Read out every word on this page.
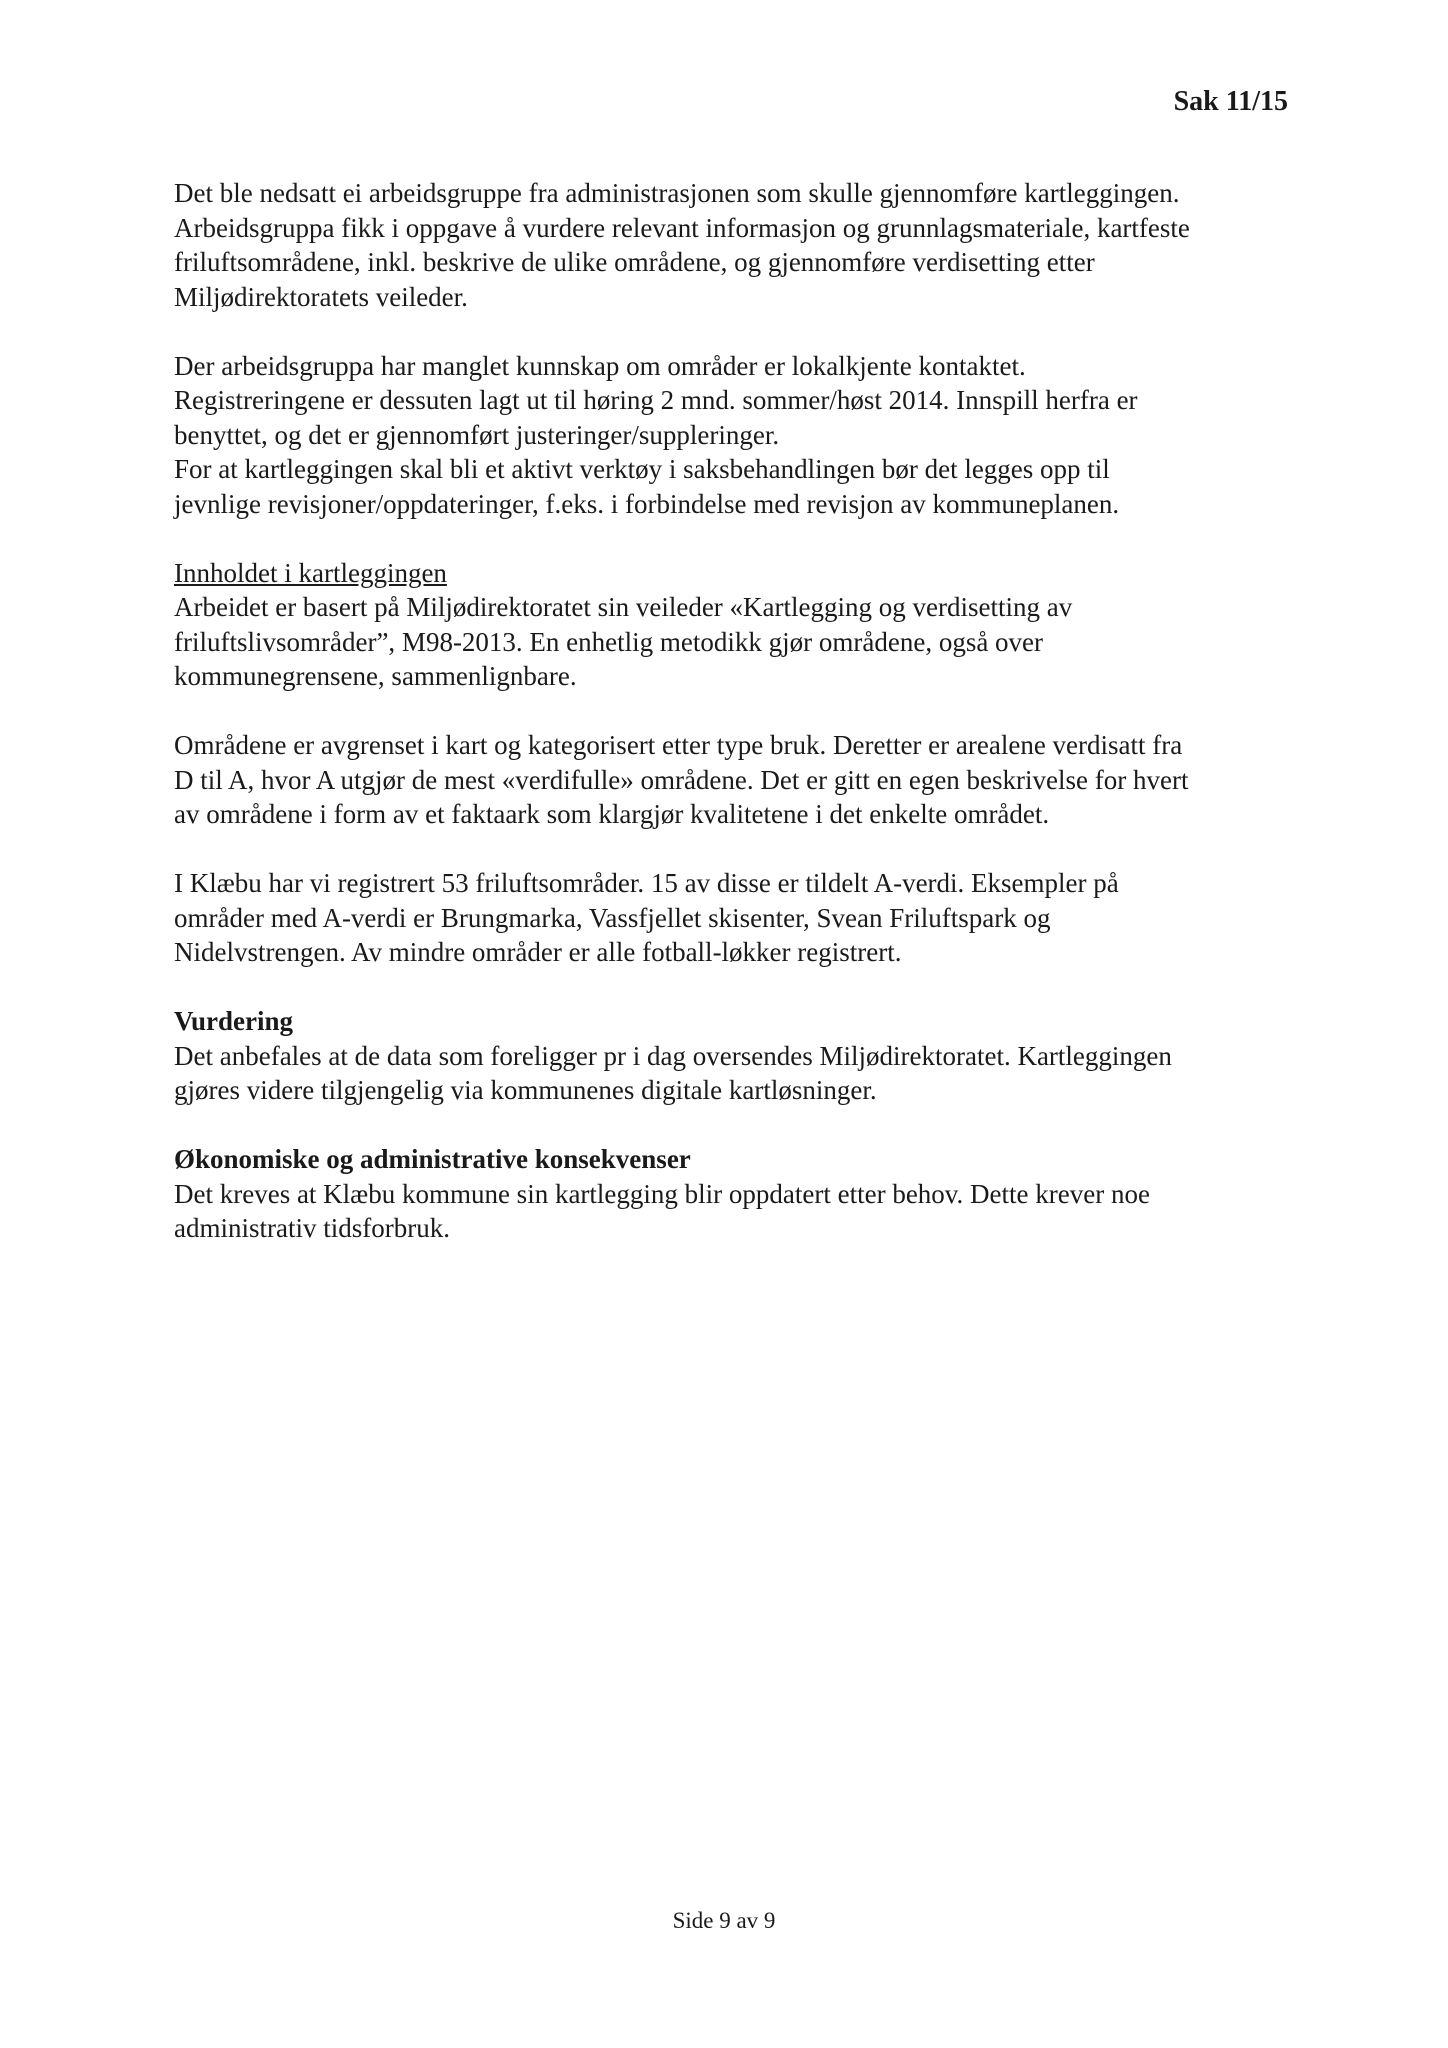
Sak 11/15
Det ble nedsatt ei arbeidsgruppe fra administrasjonen som skulle gjennomføre kartleggingen.
Arbeidsgruppa fikk i oppgave å vurdere relevant informasjon og grunnlagsmateriale, kartfeste
friluftsområdene, inkl. beskrive de ulike områdene, og gjennomføre verdisetting etter
Miljødirektoratets veileder.
Der arbeidsgruppa har manglet kunnskap om områder er lokalkjente kontaktet.
Registreringene er dessuten lagt ut til høring 2 mnd. sommer/høst 2014. Innspill herfra er
benyttet, og det er gjennomført justeringer/suppleringer.
For at kartleggingen skal bli et aktivt verktøy i saksbehandlingen bør det legges opp til
jevnlige revisjoner/oppdateringer, f.eks. i forbindelse med revisjon av kommuneplanen.
Innholdet i kartleggingen
Arbeidet er basert på Miljødirektoratet sin veileder «Kartlegging og verdisetting av
friluftslivsområder”, M98-2013. En enhetlig metodikk gjør områdene, også over
kommunegrensene, sammenlignbare.
Områdene er avgrenset i kart og kategorisert etter type bruk. Deretter er arealene verdisatt fra
D til A, hvor A utgjør de mest «verdifulle» områdene. Det er gitt en egen beskrivelse for hvert
av områdene i form av et faktaark som klargjør kvalitetene i det enkelte området.
I Klæbu har vi registrert 53 friluftsområder. 15 av disse er tildelt A-verdi. Eksempler på
områder med A-verdi er Brungmarka, Vassfjellet skisenter, Svean Friluftspark og
Nidelvstrengen. Av mindre områder er alle fotball-løkker registrert.
Vurdering
Det anbefales at de data som foreligger pr i dag oversendes Miljødirektoratet. Kartleggingen
gjøres videre tilgjengelig via kommunenes digitale kartløsninger.
Økonomiske og administrative konsekvenser
Det kreves at Klæbu kommune sin kartlegging blir oppdatert etter behov. Dette krever noe
administrativ tidsforbruk.
Side 9 av 9
